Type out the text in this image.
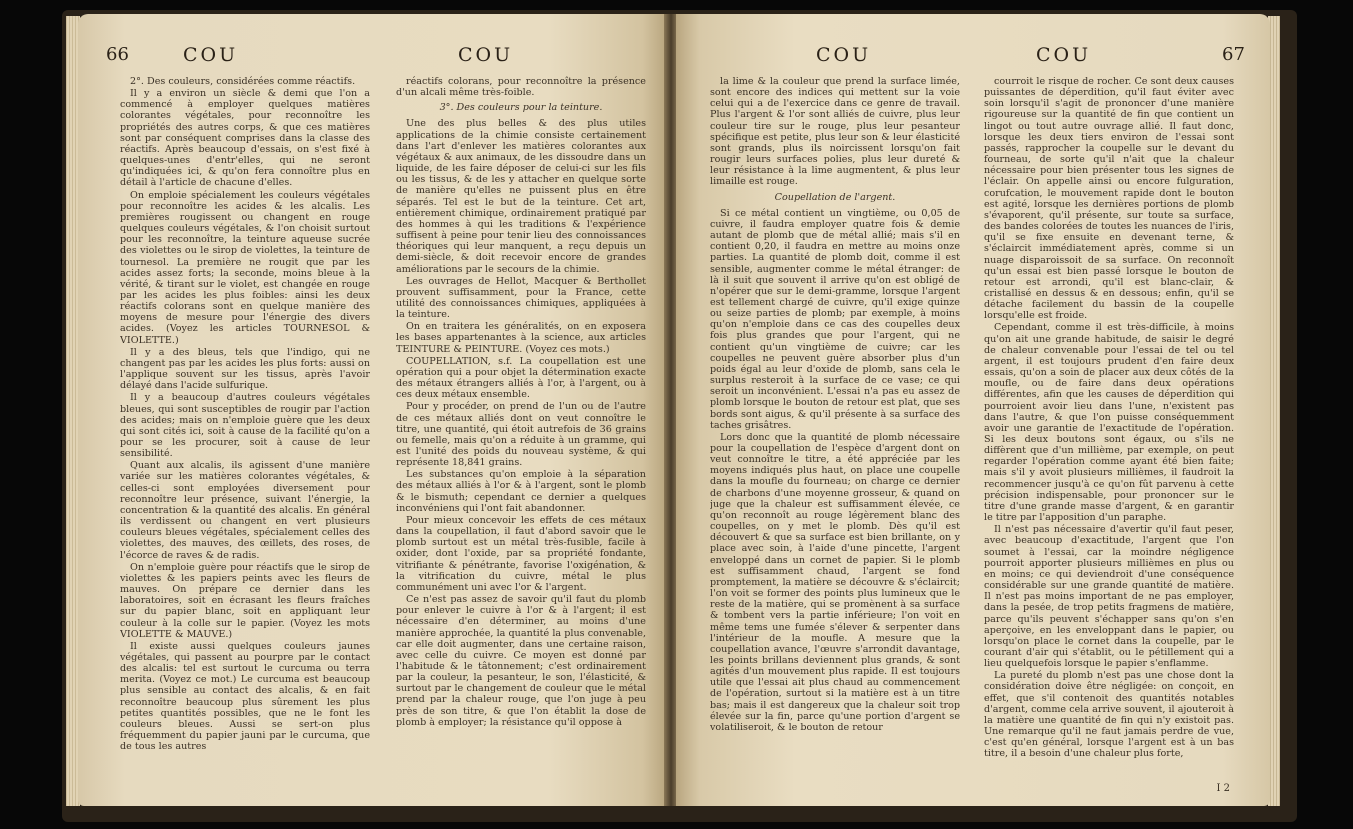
66	COU	COU

2°. Des couleurs, considérées comme réactifs.

Il y a environ un siècle & demi que l'on a commencé à employer quelques matières colorantes végétales, pour reconnoître les propriétés des autres corps, & que ces matières sont par conséquent comprises dans la classe des réactifs. Après beaucoup d'essais, on s'est fixé à quelques-unes d'entr'elles, qui ne seront qu'indiquées ici, & qu'on fera connoître plus en détail à l'article de chacune d'elles.

On emploie spécialement les couleurs végétales pour reconnoître les acides & les alcalis. Les premières rougissent ou changent en rouge quelques couleurs végétales, & l'on choisit surtout pour les reconnoître, la teinture aqueuse sucrée des violettes ou le sirop de violettes, la teinture de tournesol. La première ne rougit que par les acides assez forts; la seconde, moins bleue à la vérité, & tirant sur le violet, est changée en rouge par les acides les plus foibles: ainsi les deux réactifs colorans sont en quelque manière des moyens de mesure pour l'énergie des divers acides. (Voyez les articles TOURNESOL & VIOLETTE.)

Il y a des bleus, tels que l'indigo, qui ne changent pas par les acides les plus forts: aussi on l'applique souvent sur les tissus, après l'avoir délayé dans l'acide sulfurique.

Il y a beaucoup d'autres couleurs végétales bleues, qui sont susceptibles de rougir par l'action des acides; mais on n'emploie guère que les deux qui sont cités ici, soit à cause de la facilité qu'on a pour se les procurer, soit à cause de leur sensibilité.

Quant aux alcalis, ils agissent d'une manière variée sur les matières colorantes végétales, & celles-ci sont employées diversement pour reconnoître leur présence, suivant l'énergie, la concentration & la quantité des alcalis. En général ils verdissent ou changent en vert plusieurs couleurs bleues végétales, spécialement celles des violettes, des mauves, des œillets, des roses, de l'écorce de raves & de radis.

On n'emploie guère pour réactifs que le sirop de violettes & les papiers peints avec les fleurs de mauves. On prépare ce dernier dans les laboratoires, soit en écrasant les fleurs fraîches sur du papier blanc, soit en appliquant leur couleur à la colle sur le papier. (Voyez les mots VIOLETTE & MAUVE.)

Il existe aussi quelques couleurs jaunes végétales, qui passent au pourpre par le contact des alcalis: tel est surtout le curcuma ou terra merita. (Voyez ce mot.) Le curcuma est beaucoup plus sensible au contact des alcalis, & en fait reconnoître beaucoup plus sûrement les plus petites quantités possibles, que ne le font les couleurs bleues. Aussi se sert-on plus fréquemment du papier jauni par le curcuma, que de tous les autres

réactifs colorans, pour reconnoître la présence d'un alcali même très-foible.

3°. Des couleurs pour la teinture.

Une des plus belles & des plus utiles applications de la chimie consiste certainement dans l'art d'enlever les matières colorantes aux végétaux & aux animaux, de les dissoudre dans un liquide, de les faire déposer de celui-ci sur les fils ou les tissus, & de les y attacher en quelque sorte de manière qu'elles ne puissent plus en être séparés. Tel est le but de la teinture. Cet art, entièrement chimique, ordinairement pratiqué par des hommes à qui les traditions & l'expérience suffisent à peine pour tenir lieu des connoissances théoriques qui leur manquent, a reçu depuis un demi-siècle, & doit recevoir encore de grandes améliorations par le secours de la chimie.

Les ouvrages de Hellot, Macquer & Berthollet prouvent suffisamment, pour la France, cette utilité des connoissances chimiques, appliquées à la teinture.

On en traitera les généralités, on en exposera les bases appartenantes à la science, aux articles TEINTURE & PEINTURE. (Voyez ces mots.)

COUPELLATION, s.f. La coupellation est une opération qui a pour objet la détermination exacte des métaux étrangers alliés à l'or, à l'argent, ou à ces deux métaux ensemble.

Pour y procéder, on prend de l'un ou de l'autre de ces métaux alliés dont on veut connoître le titre, une quantité, qui étoit autrefois de 36 grains ou femelle, mais qu'on a réduite à un gramme, qui est l'unité des poids du nouveau système, & qui représente 18,841 grains.

Les substances qu'on emploie à la séparation des métaux alliés à l'or & à l'argent, sont le plomb & le bismuth; cependant ce dernier a quelques inconvéniens qui l'ont fait abandonner.

Pour mieux concevoir les effets de ces métaux dans la coupellation, il faut d'abord savoir que le plomb surtout est un métal très-fusible, facile à oxider, dont l'oxide, par sa propriété fondante, vitrifiante & pénétrante, favorise l'oxigénation, & la vitrification du cuivre, métal le plus communément uni avec l'or & l'argent.

Ce n'est pas assez de savoir qu'il faut du plomb pour enlever le cuivre à l'or & à l'argent; il est nécessaire d'en déterminer, au moins d'une manière approchée, la quantité la plus convenable, car elle doit augmenter, dans une certaine raison, avec celle du cuivre. Ce moyen est donné par l'habitude & le tâtonnement; c'est ordinairement par la couleur, la pesanteur, le son, l'élasticité, & surtout par le changement de couleur que le métal prend par la chaleur rouge, que l'on juge à peu près de son titre, & que l'on établit la dose de plomb à employer; la résistance qu'il oppose à

COU	COU	67

la lime & la couleur que prend la surface limée, sont encore des indices qui mettent sur la voie celui qui a de l'exercice dans ce genre de travail. Plus l'argent & l'or sont alliés de cuivre, plus leur couleur tire sur le rouge, plus leur pesanteur spécifique est petite, plus leur son & leur élasticité sont grands, plus ils noircissent lorsqu'on fait rougir leurs surfaces polies, plus leur dureté & leur résistance à la lime augmentent, & plus leur limaille est rouge.

Coupellation de l'argent.

Si ce métal contient un vingtième, ou 0,05 de cuivre, il faudra employer quatre fois & demie autant de plomb que de métal allié; mais s'il en contient 0,20, il faudra en mettre au moins onze parties. La quantité de plomb doit, comme il est sensible, augmenter comme le métal étranger: de là il suit que souvent il arrive qu'on est obligé de n'opérer que sur le demi-gramme, lorsque l'argent est tellement chargé de cuivre, qu'il exige quinze ou seize parties de plomb; par exemple, à moins qu'on n'emploie dans ce cas des coupelles deux fois plus grandes que pour l'argent, qui ne contient qu'un vingtième de cuivre; car les coupelles ne peuvent guère absorber plus d'un poids égal au leur d'oxide de plomb, sans cela le surplus resteroit à la surface de ce vase; ce qui seroit un inconvénient. L'essai n'a pas eu assez de plomb lorsque le bouton de retour est plat, que ses bords sont aigus, & qu'il présente à sa surface des taches grisâtres.

Lors donc que la quantité de plomb nécessaire pour la coupellation de l'espèce d'argent dont on veut connoître le titre, a été appréciée par les moyens indiqués plus haut, on place une coupelle dans la moufle du fourneau; on charge ce dernier de charbons d'une moyenne grosseur, & quand on juge que la chaleur est suffisamment élevée, ce qu'on reconnoît au rouge légèrement blanc des coupelles, on y met le plomb. Dès qu'il est découvert & que sa surface est bien brillante, on y place avec soin, à l'aide d'une pincette, l'argent enveloppé dans un cornet de papier. Si le plomb est suffisamment chaud, l'argent se fond promptement, la matière se découvre & s'éclaircit; l'on voit se former des points plus lumineux que le reste de la matière, qui se promènent à sa surface & tombent vers la partie inférieure; l'on voit en même tems une fumée s'élever & serpenter dans l'intérieur de la moufle. A mesure que la coupellation avance, l'œuvre s'arrondit davantage, les points brillans deviennent plus grands, & sont agités d'un mouvement plus rapide. Il est toujours utile que l'essai ait plus chaud au commencement de l'opération, surtout si la matière est à un titre bas; mais il est dangereux que la chaleur soit trop élevée sur la fin, parce qu'une portion d'argent se volatiliseroit, & le bouton de retour

courroit le risque de rocher. Ce sont deux causes puissantes de déperdition, qu'il faut éviter avec soin lorsqu'il s'agit de prononcer d'une manière rigoureuse sur la quantité de fin que contient un lingot ou tout autre ouvrage allié. Il faut donc, lorsque les deux tiers environ de l'essai sont passés, rapprocher la coupelle sur le devant du fourneau, de sorte qu'il n'ait que la chaleur nécessaire pour bien présenter tous les signes de l'éclair. On appelle ainsi ou encore fulguration, corufcation, le mouvement rapide dont le bouton est agité, lorsque les dernières portions de plomb s'évaporent, qu'il présente, sur toute sa surface, des bandes colorées de toutes les nuances de l'iris, qu'il se fixe ensuite en devenant terne, & s'éclaircit immédiatement après, comme si un nuage disparoissoit de sa surface. On reconnoît qu'un essai est bien passé lorsque le bouton de retour est arrondi, qu'il est blanc-clair, & cristallisé en dessus & en dessous; enfin, qu'il se détache facilement du bassin de la coupelle lorsqu'elle est froide.

Cependant, comme il est très-difficile, à moins qu'on ait une grande habitude, de saisir le degré de chaleur convenable pour l'essai de tel ou tel argent, il est toujours prudent d'en faire deux essais, qu'on a soin de placer aux deux côtés de la moufle, ou de faire dans deux opérations différentes, afin que les causes de déperdition qui pourroient avoir lieu dans l'une, n'existent pas dans l'autre, & que l'on puisse conséquemment avoir une garantie de l'exactitude de l'opération. Si les deux boutons sont égaux, ou s'ils ne diffèrent que d'un millième, par exemple, on peut regarder l'opération comme ayant été bien faite; mais s'il y avoit plusieurs millièmes, il faudroit la recommencer jusqu'à ce qu'on fût parvenu à cette précision indispensable, pour prononcer sur le titre d'une grande masse d'argent, & en garantir le titre par l'apposition d'un paraphe.

Il n'est pas nécessaire d'avertir qu'il faut peser, avec beaucoup d'exactitude, l'argent que l'on soumet à l'essai, car la moindre négligence pourroit apporter plusieurs millièmes en plus ou en moins; ce qui deviendroit d'une conséquence considérable sur une grande quantité de matière. Il n'est pas moins important de ne pas employer, dans la pesée, de trop petits fragmens de matière, parce qu'ils peuvent s'échapper sans qu'on s'en aperçoive, en les enveloppant dans le papier, ou lorsqu'on place le cornet dans la coupelle, par le courant d'air qui s'établit, ou le pétillement qui a lieu quelquefois lorsque le papier s'enflamme.

La pureté du plomb n'est pas une chose dont la considération doive être négligée: on conçoit, en effet, que s'il contenoit des quantités notables d'argent, comme cela arrive souvent, il ajouteroit à la matière une quantité de fin qui n'y existoit pas. Une remarque qu'il ne faut jamais perdre de vue, c'est qu'en général, lorsque l'argent est à un bas titre, il a besoin d'une chaleur plus forte,

I 2
